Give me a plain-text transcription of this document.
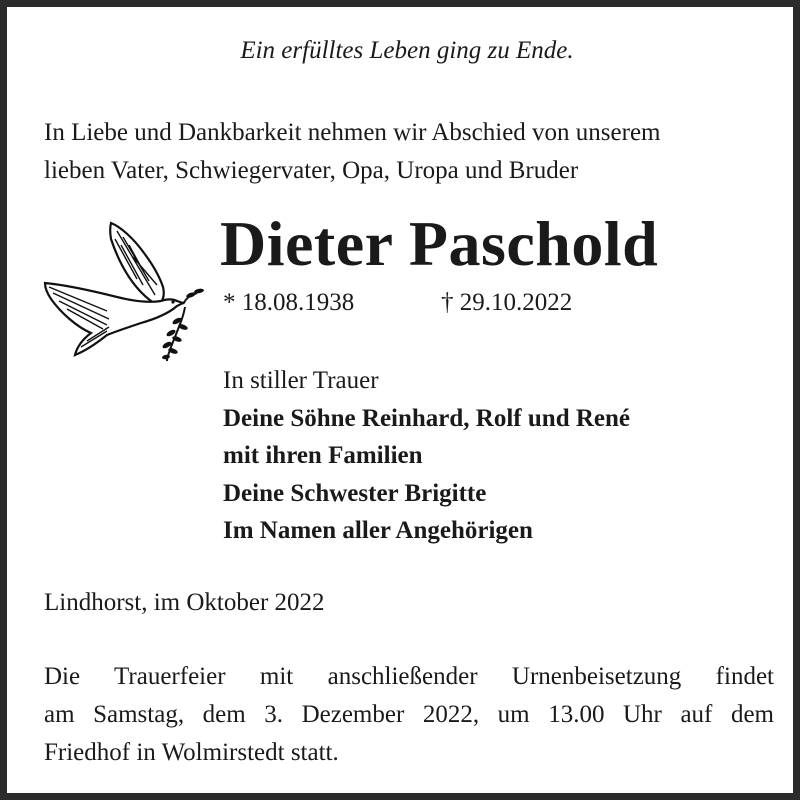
Ein erfülltes Leben ging zu Ende.
In Liebe und Dankbarkeit nehmen wir Abschied von unserem
lieben Vater, Schwiegervater, Opa, Uropa und Bruder
Dieter Paschold
* 18.08.1938	† 29.10.2022
In stiller Trauer
Deine Söhne Reinhard, Rolf und René
mit ihren Familien
Deine Schwester Brigitte
Im Namen aller Angehörigen
Lindhorst, im Oktober 2022
Die Trauerfeier mit anschließender Urnenbeisetzung findet
am Samstag, dem 3. Dezember 2022, um 13.00 Uhr auf dem
Friedhof in Wolmirstedt statt.
